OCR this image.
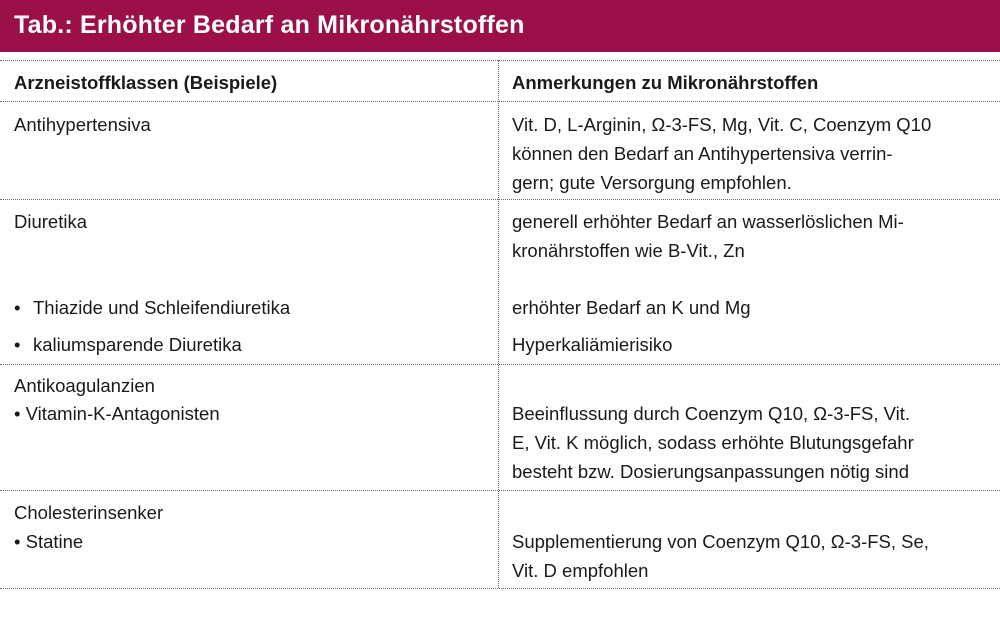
Tab.: Erhöhter Bedarf an Mikronährstoffen
Arzneistoffklassen (Beispiele)	Anmerkungen zu Mikronährstoffen
Antihypertensiva	Vit. D, L-Arginin, Ω-3-FS, Mg, Vit. C, Coenzym Q10
können den Bedarf an Antihypertensiva verrin-
gern; gute Versorgung empfohlen.
Diuretika	generell erhöhter Bedarf an wasserlöslichen Mi-
kronährstoffen wie B-Vit., Zn
• Thiazide und Schleifendiuretika	erhöhter Bedarf an K und Mg
• kaliumsparende Diuretika	Hyperkaliämierisiko
Antikoagulanzien
• Vitamin-K-Antagonisten	Beeinflussung durch Coenzym Q10, Ω-3-FS, Vit.
E, Vit. K möglich, sodass erhöhte Blutungsgefahr
besteht bzw. Dosierungsanpassungen nötig sind
Cholesterinsenker
• Statine	Supplementierung von Coenzym Q10, Ω-3-FS, Se,
Vit. D empfohlen
